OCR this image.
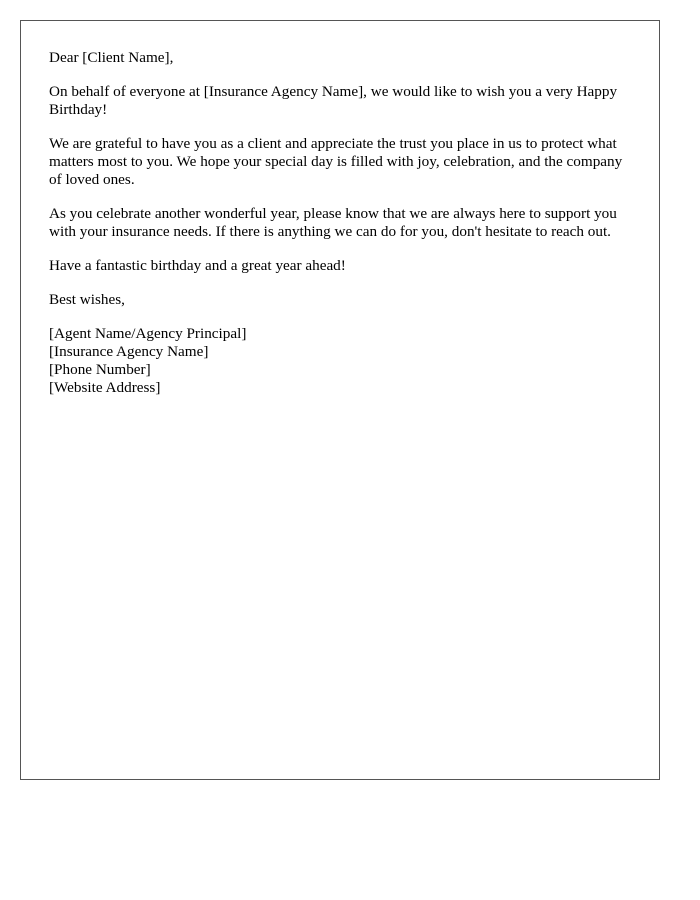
Dear [Client Name],

On behalf of everyone at [Insurance Agency Name], we would like to wish you a very Happy Birthday!

We are grateful to have you as a client and appreciate the trust you place in us to protect what matters most to you. We hope your special day is filled with joy, celebration, and the company of loved ones.

As you celebrate another wonderful year, please know that we are always here to support you with your insurance needs. If there is anything we can do for you, don't hesitate to reach out.

Have a fantastic birthday and a great year ahead!

Best wishes,

[Agent Name/Agency Principal]
[Insurance Agency Name]
[Phone Number]
[Website Address]
